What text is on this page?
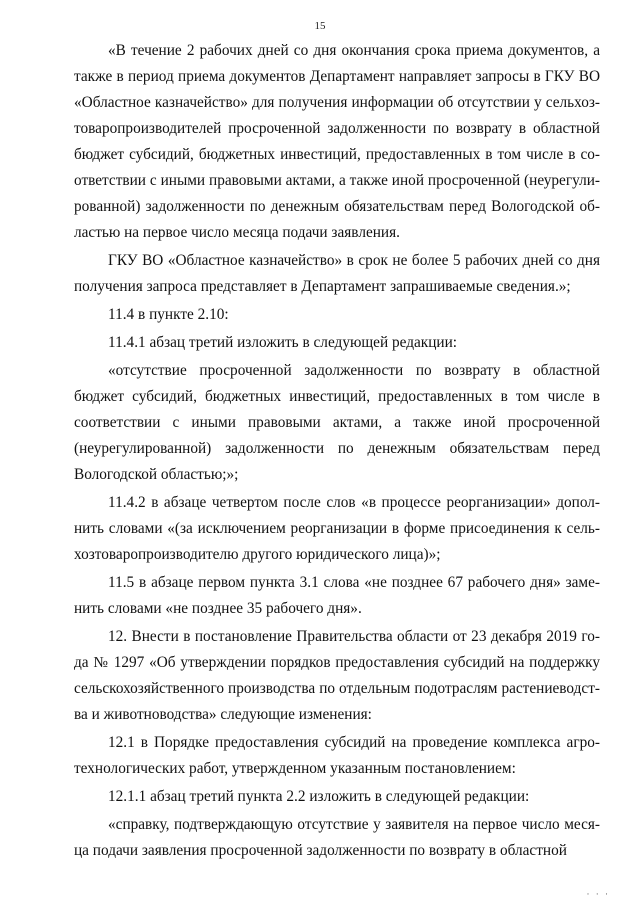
15

«В течение 2 рабочих дней со дня окончания срока приема документов, а также в период приема документов Департамент направляет запросы в ГКУ ВО «Областное казначейство» для получения информации об отсутствии у сельхоз-товаропроизводителей просроченной задолженности по возврату в областной бюджет субсидий, бюджетных инвестиций, предоставленных в том числе в со-ответствии с иными правовыми актами, а также иной просроченной (неурегули-рованной) задолженности по денежным обязательствам перед Вологодской об-ластью на первое число месяца подачи заявления.

ГКУ ВО «Областное казначейство» в срок не более 5 рабочих дней со дня получения запроса представляет в Департамент запрашиваемые сведения.»;

11.4 в пункте 2.10:

11.4.1 абзац третий изложить в следующей редакции:

«отсутствие просроченной задолженности по возврату в областной бюджет субсидий, бюджетных инвестиций, предоставленных в том числе в соответствии с иными правовыми актами, а также иной просроченной (неурегулированной) задолженности по денежным обязательствам перед Вологодской областью;»;

11.4.2 в абзаце четвертом после слов «в процессе реорганизации» допол-нить словами «(за исключением реорганизации в форме присоединения к сель-хозтоваропроизводителю другого юридического лица)»;

11.5 в абзаце первом пункта 3.1 слова «не позднее 67 рабочего дня» заме-нить словами «не позднее 35 рабочего дня».

12. Внести в постановление Правительства области от 23 декабря 2019 го-да № 1297 «Об утверждении порядков предоставления субсидий на поддержку сельскохозяйственного производства по отдельным подотраслям растениеводст-ва и животноводства» следующие изменения:

12.1 в Порядке предоставления субсидий на проведение комплекса агро-технологических работ, утвержденном указанным постановлением:

12.1.1 абзац третий пункта 2.2 изложить в следующей редакции:

«справку, подтверждающую отсутствие у заявителя на первое число меся-ца подачи заявления просроченной задолженности по возврату в областной

· · ·
